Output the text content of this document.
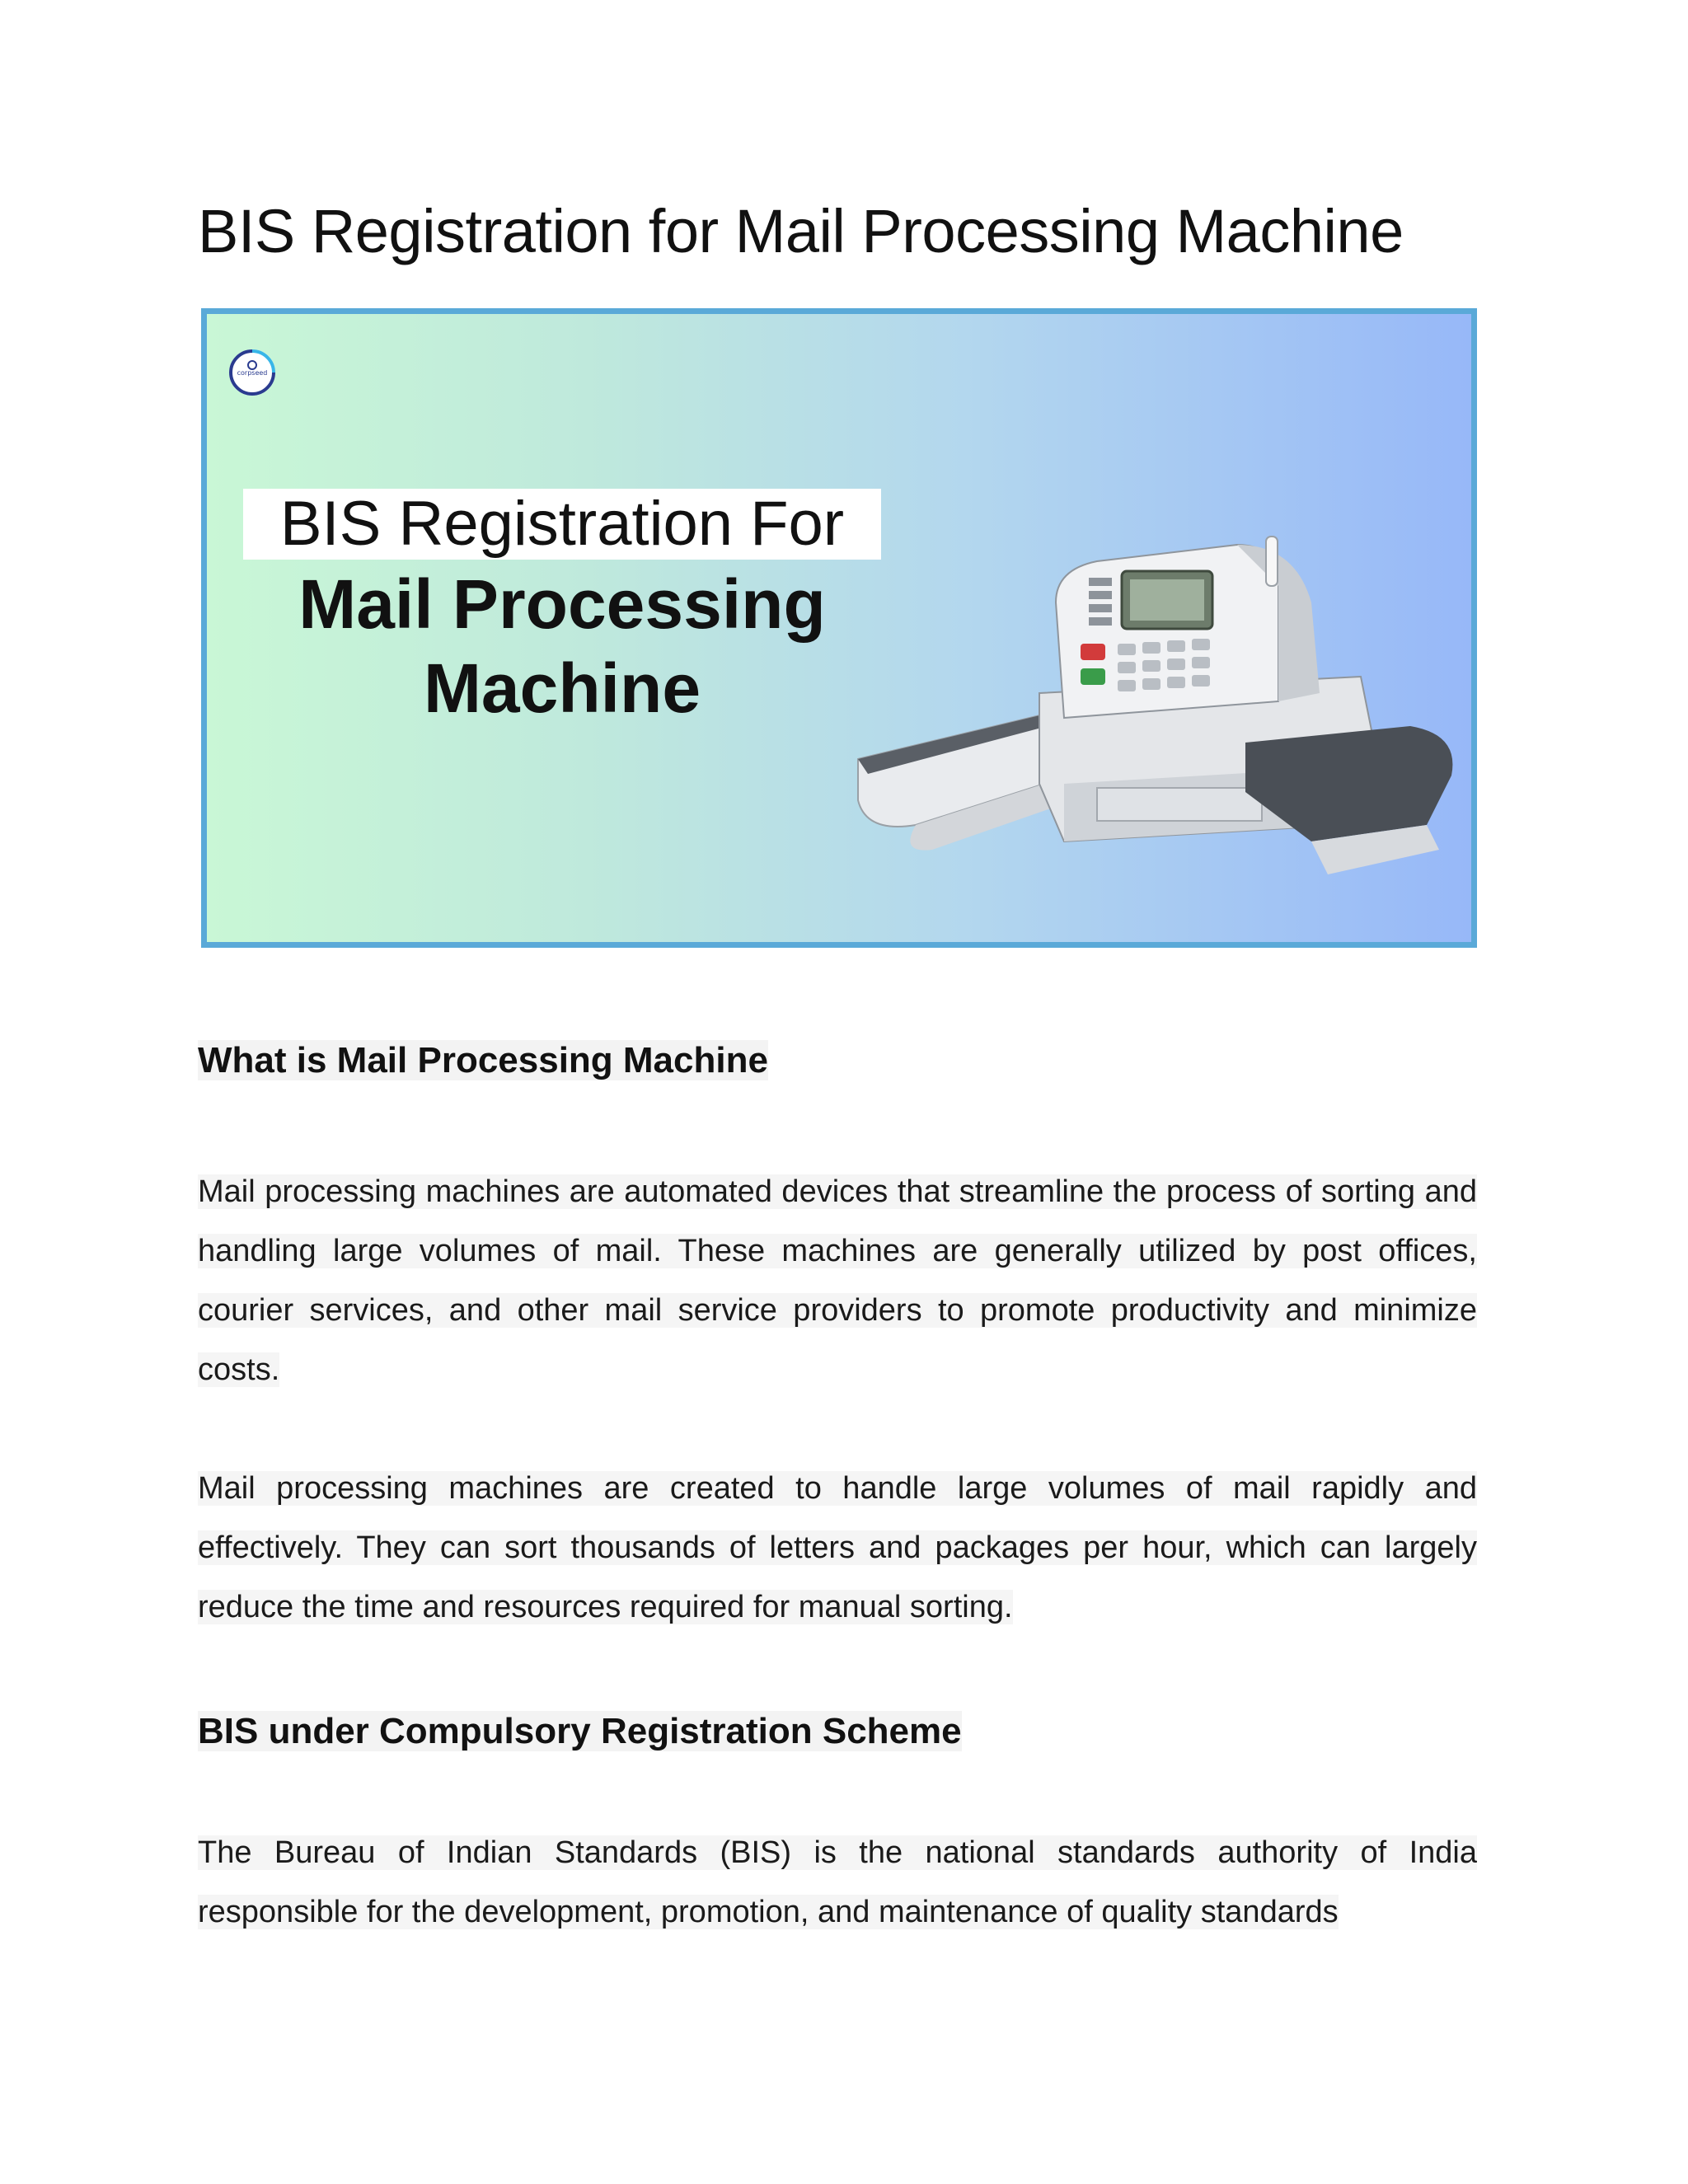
BIS Registration for Mail Processing Machine
corpseed
BIS Registration For
Mail Processing
Machine
What is Mail Processing Machine

Mail processing machines are automated devices that streamline the process of sorting and handling large volumes of mail. These machines are generally utilized by post offices, courier services, and other mail service providers to promote productivity and minimize costs.

Mail processing machines are created to handle large volumes of mail rapidly and effectively. They can sort thousands of letters and packages per hour, which can largely reduce the time and resources required for manual sorting.

BIS under Compulsory Registration Scheme

The Bureau of Indian Standards (BIS) is the national standards authority of India responsible for the development, promotion, and maintenance of quality standards
